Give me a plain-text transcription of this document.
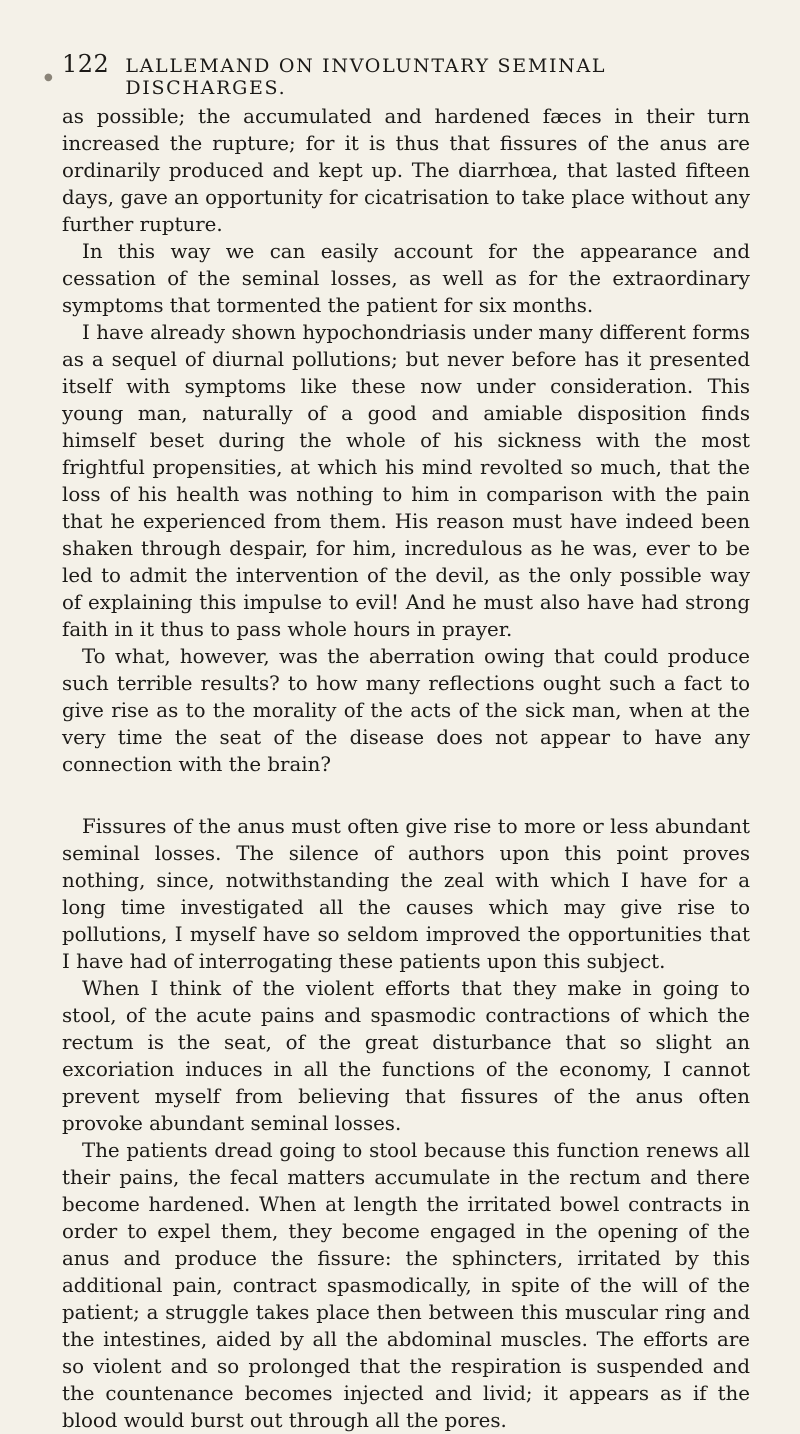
122 LALLEMAND ON INVOLUNTARY SEMINAL DISCHARGES.
●

as possible; the accumulated and hardened fæces in their turn increased the rupture; for it is thus that fissures of the anus are ordinarily produced and kept up. The diarrhœa, that lasted fifteen days, gave an opportunity for cicatrisation to take place without any further rupture.

In this way we can easily account for the appearance and cessation of the seminal losses, as well as for the extraordinary symptoms that tormented the patient for six months.

I have already shown hypochondriasis under many different forms as a sequel of diurnal pollutions; but never before has it presented itself with symptoms like these now under consideration. This young man, naturally of a good and amiable disposition finds himself beset during the whole of his sickness with the most frightful propensities, at which his mind revolted so much, that the loss of his health was nothing to him in comparison with the pain that he experienced from them. His reason must have indeed been shaken through despair, for him, incredulous as he was, ever to be led to admit the intervention of the devil, as the only possible way of explaining this impulse to evil! And he must also have had strong faith in it thus to pass whole hours in prayer.

To what, however, was the aberration owing that could produce such terrible results? to how many reflections ought such a fact to give rise as to the morality of the acts of the sick man, when at the very time the seat of the disease does not appear to have any connection with the brain?

Fissures of the anus must often give rise to more or less abundant seminal losses. The silence of authors upon this point proves nothing, since, notwithstanding the zeal with which I have for a long time investigated all the causes which may give rise to pollutions, I myself have so seldom improved the opportunities that I have had of interrogating these patients upon this subject.

When I think of the violent efforts that they make in going to stool, of the acute pains and spasmodic contractions of which the rectum is the seat, of the great disturbance that so slight an excoriation induces in all the functions of the economy, I cannot prevent myself from believing that fissures of the anus often provoke abundant seminal losses.

The patients dread going to stool because this function renews all their pains, the fecal matters accumulate in the rectum and there become hardened. When at length the irritated bowel contracts in order to expel them, they become engaged in the opening of the anus and produce the fissure: the sphincters, irritated by this additional pain, contract spasmodically, in spite of the will of the patient; a struggle takes place then between this muscular ring and the intestines, aided by all the abdominal muscles. The efforts are so violent and so prolonged that the respiration is suspended and the countenance becomes injected and livid; it appears as if the blood would burst out through all the pores.
